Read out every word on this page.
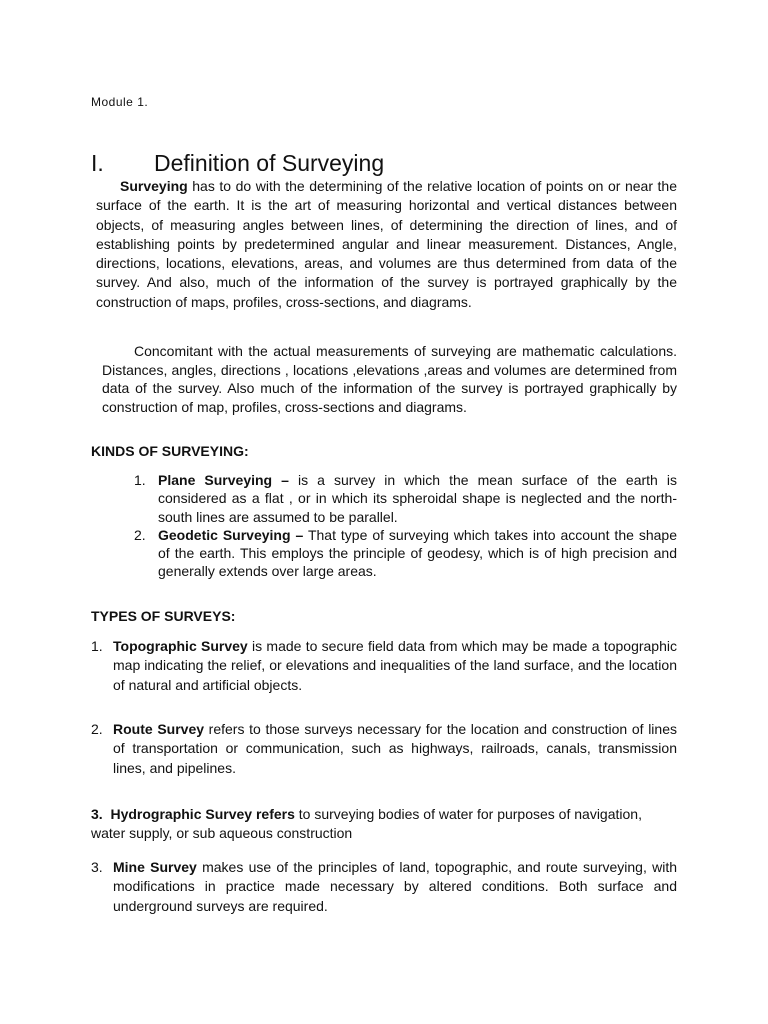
Module 1.
I. Definition of Surveying

Surveying has to do with the determining of the relative location of points on or near the surface of the earth. It is the art of measuring horizontal and vertical distances between objects, of measuring angles between lines, of determining the direction of lines, and of establishing points by predetermined angular and linear measurement. Distances, Angle, directions, locations, elevations, areas, and volumes are thus determined from data of the survey. And also, much of the information of the survey is portrayed graphically by the construction of maps, profiles, cross-sections, and diagrams.

Concomitant with the actual measurements of surveying are mathematic calculations. Distances, angles, directions , locations ,elevations ,areas and volumes are determined from data of the survey. Also much of the information of the survey is portrayed graphically by construction of map, profiles, cross-sections and diagrams.

KINDS OF SURVEYING:
1. Plane Surveying – is a survey in which the mean surface of the earth is considered as a flat , or in which its spheroidal shape is neglected and the north-south lines are assumed to be parallel.
2. Geodetic Surveying – That type of surveying which takes into account the shape of the earth. This employs the principle of geodesy, which is of high precision and generally extends over large areas.
TYPES OF SURVEYS:
1. Topographic Survey is made to secure field data from which may be made a topographic map indicating the relief, or elevations and inequalities of the land surface, and the location of natural and artificial objects.
2. Route Survey refers to those surveys necessary for the location and construction of lines of transportation or communication, such as highways, railroads, canals, transmission lines, and pipelines.
3. Hydrographic Survey refers to surveying bodies of water for purposes of navigation, water supply, or sub aqueous construction
3. Mine Survey makes use of the principles of land, topographic, and route surveying, with modifications in practice made necessary by altered conditions. Both surface and underground surveys are required.
